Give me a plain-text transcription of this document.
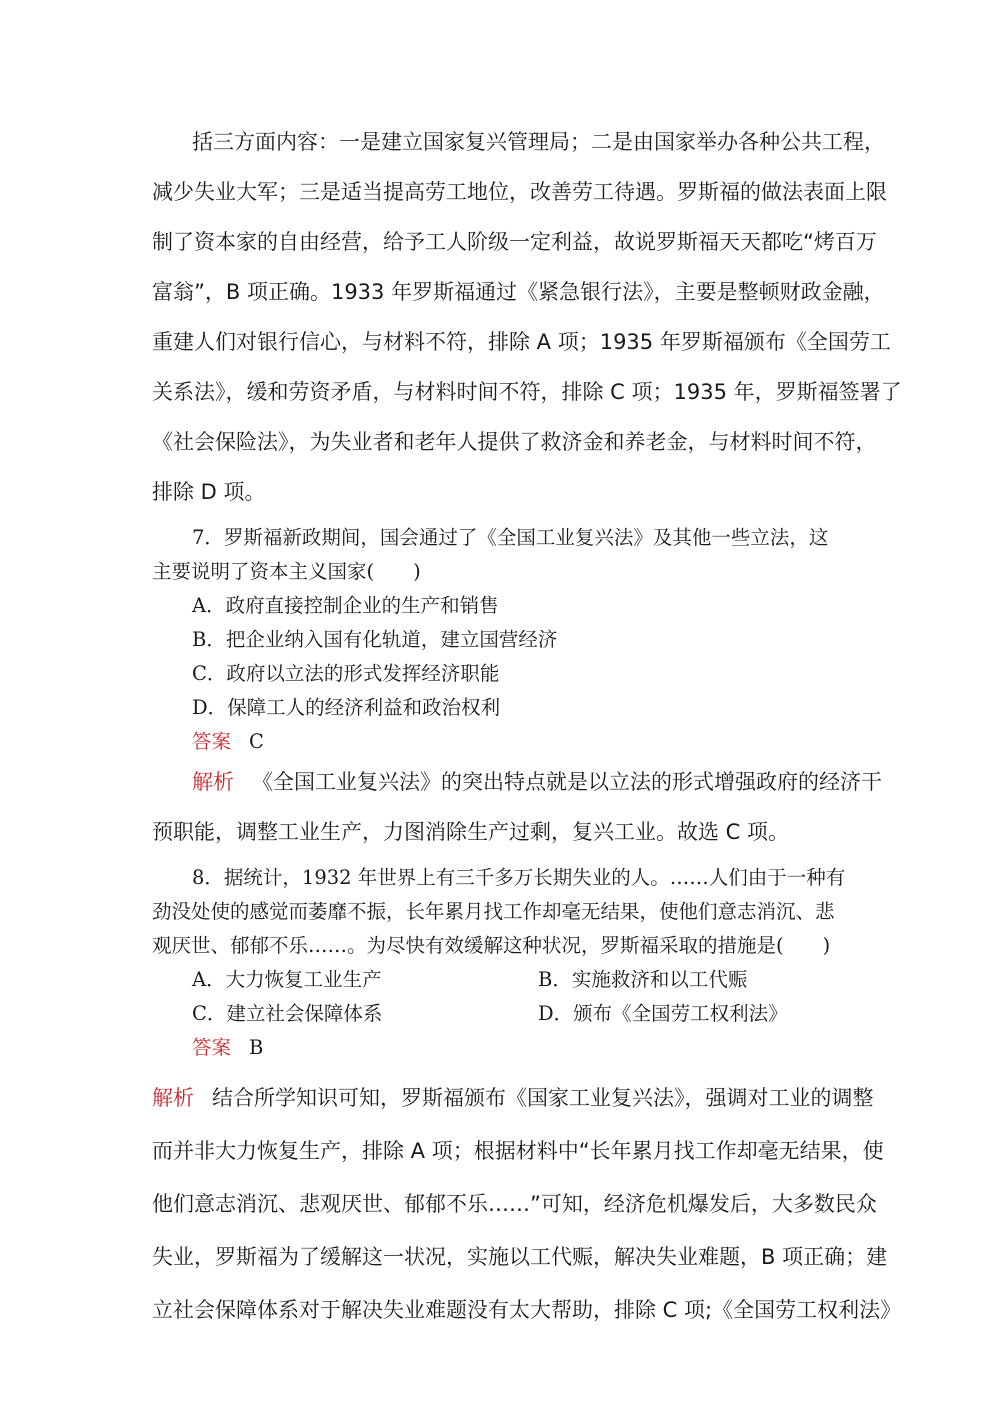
括三方面内容：一是建立国家复兴管理局；二是由国家举办各种公共工程，

减少失业大军；三是适当提高劳工地位，改善劳工待遇。罗斯福的做法表面上限

制了资本家的自由经营，给予工人阶级一定利益，故说罗斯福天天都吃“烤百万

富翁”，B 项正确。1933 年罗斯福通过《紧急银行法》，主要是整顿财政金融，

重建人们对银行信心，与材料不符，排除 A 项；1935 年罗斯福颁布《全国劳工

关系法》，缓和劳资矛盾，与材料时间不符，排除 C 项；1935 年，罗斯福签署了

《社会保险法》，为失业者和老年人提供了救济金和养老金，与材料时间不符，

排除 D 项。

7．罗斯福新政期间，国会通过了《全国工业复兴法》及其他一些立法，这

主要说明了资本主义国家(　　)

A．政府直接控制企业的生产和销售

B．把企业纳入国有化轨道，建立国营经济

C．政府以立法的形式发挥经济职能

D．保障工人的经济利益和政治权利

答案 C

解析 《全国工业复兴法》的突出特点就是以立法的形式增强政府的经济干

预职能，调整工业生产，力图消除生产过剩，复兴工业。故选 C 项。

8．据统计，1932 年世界上有三千多万长期失业的人。……人们由于一种有

劲没处使的感觉而萎靡不振，长年累月找工作却毫无结果，使他们意志消沉、悲

观厌世、郁郁不乐……。为尽快有效缓解这种状况，罗斯福采取的措施是(　　)

A．大力恢复工业生产	B．实施救济和以工代赈

C．建立社会保障体系	D．颁布《全国劳工权利法》

答案 B

解析 结合所学知识可知，罗斯福颁布《国家工业复兴法》，强调对工业的调整

而并非大力恢复生产，排除 A 项；根据材料中“长年累月找工作却毫无结果，使

他们意志消沉、悲观厌世、郁郁不乐……”可知，经济危机爆发后，大多数民众

失业，罗斯福为了缓解这一状况，实施以工代赈，解决失业难题，B 项正确；建

立社会保障体系对于解决失业难题没有太大帮助，排除 C 项;《全国劳工权利法》
